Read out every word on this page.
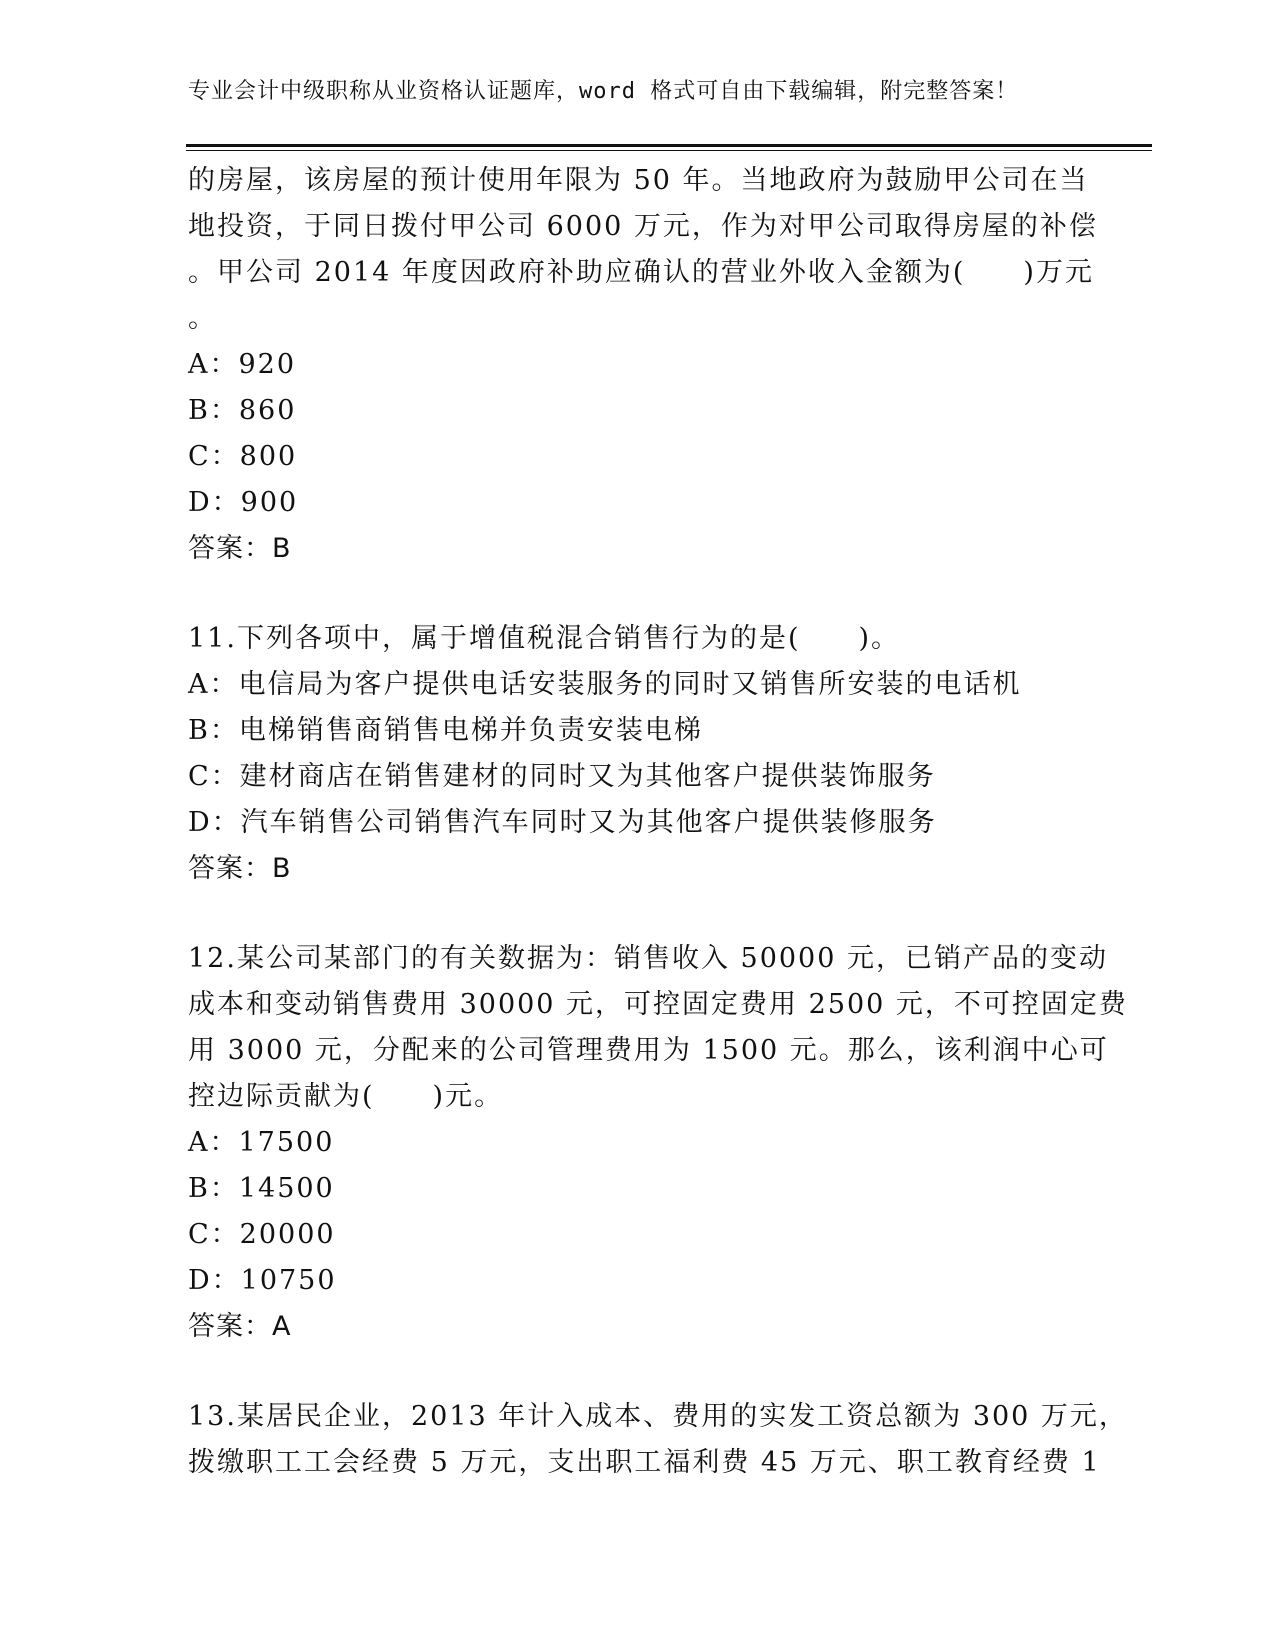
专业会计中级职称从业资格认证题库，word 格式可自由下载编辑，附完整答案！
的房屋，该房屋的预计使用年限为 50 年。当地政府为鼓励甲公司在当
地投资，于同日拨付甲公司 6000 万元，作为对甲公司取得房屋的补偿
。甲公司 2014 年度因政府补助应确认的营业外收入金额为(　　)万元
。
A：920
B：860
C：800
D：900
答案：B
11.下列各项中，属于增值税混合销售行为的是(　　)。
A：电信局为客户提供电话安装服务的同时又销售所安装的电话机
B：电梯销售商销售电梯并负责安装电梯
C：建材商店在销售建材的同时又为其他客户提供装饰服务
D：汽车销售公司销售汽车同时又为其他客户提供装修服务
答案：B
12.某公司某部门的有关数据为：销售收入 50000 元，已销产品的变动
成本和变动销售费用 30000 元，可控固定费用 2500 元，不可控固定费
用 3000 元，分配来的公司管理费用为 1500 元。那么，该利润中心可
控边际贡献为(　　)元。
A：17500
B：14500
C：20000
D：10750
答案：A
13.某居民企业，2013 年计入成本、费用的实发工资总额为 300 万元，
拨缴职工工会经费 5 万元，支出职工福利费 45 万元、职工教育经费 1
